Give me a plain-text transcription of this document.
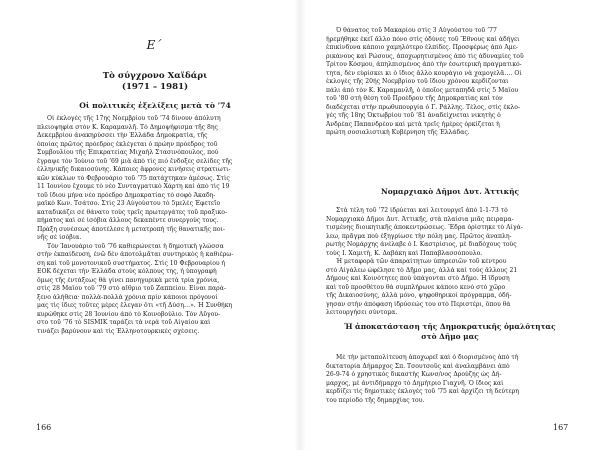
Ε΄
Τὸ σύγχρονο Χαϊδάρι
(1971 – 1981)
Οἱ πολιτικὲς ἐξελίξεις μετὰ τὸ ’74
Οἱ ἐκλογὲς τῆς 17ης Νοεμβρίου τοῦ ’74 δίνουν ἀπόλυτη
πλειοψηφία στὸν Κ. Καραμανλῆ. Τὸ Δημοψήφισμα τῆς 8ης
Δεκεμβρίου ἀνακηρύσσει τὴν Ἑλλάδα Δημοκρατία, τῆς
ὁποίας πρῶτος πρόεδρος ἐκλέγεται ὁ πρώην πρόεδρος τοῦ
Συμβουλίου τῆς Ἐπικρατείας Μιχαὴλ Στασινόπουλος, ποὺ
ἔγραψε τὸν Ἰούνιο τοῦ ’69 μιὰ ἀπὸ τὶς πιὸ ἔνδοξες σελίδες τῆς
ἑλληνικῆς δικαιοσύνης. Κάποιες ἄφρονες κινήσεις στρατιωτι-
κῶν κύκλων τὸ Φεβρουάριο τοῦ ’75 πατάχτηκαν ἀμέσως. Στὶς
11 Ἰουνίου ἔχουμε τὸ νέο Συνταγματικὸ Χάρτη καὶ ἀπὸ τὶς 19
τοῦ ἴδιου μήνα νέο πρόεδρο Δημοκρατίας τὸ σοφὸ Ἀκαδη-
μαϊκὸ Κων. Τσάτσο. Στὶς 23 Αὐγούστου τὸ 5μελὲς Ἐφετεῖο
καταδικάζει σὲ θάνατο τοὺς τρεῖς πρωτεργάτες τοῦ πραξικο-
πήματος καὶ σὲ ἰσόβια ἄλλους δεκαπέντε συνεργοὺς τους.
Πράξη συνέσεως ἀποτέλεσε ἡ μετατροπὴ τῆς θανατικῆς ποι-
νῆς σὲ ἰσόβια.
Τὸν Ἰανουάριο τοῦ ’76 καθιερώνεται ἡ δημοτικὴ γλώσσα
στὴν ἐκπαίδευση, ἐνῶ δὲν ἀποτολμᾶται συντηρικὸς ἡ καθιέρω-
ση καὶ τοῦ μονοτονικοῦ συστήματος. Στὶς 10 Φεβρουαρίου ἡ
ΕΟΚ δέχεται τὴν Ἑλλάδα στοὺς κόλπους της, ἡ ὑπογραφὴ
ὅμως τῆς ἐντάξεως θὰ γίνει πανηγυρικὰ μετὰ τρία χρόνια,
στὶς 28 Μαΐου τοῦ ’79 στὸ αἴθριο τοῦ Ζαππείου. Εἶναι παρά-
ξενο ἀλήθεια· πολλὰ-πολλὰ χρόνια πρὶν κάποιοι πρόγονοί
μας τὶς ἴδιες τοῦτες μέρες ἔλεγαν ὅτι «τῆ Δύση…». Ἡ Συνθήκη
κυρώθηκε στὶς 28 Ἰουνίου ἀπὸ τὸ Κοινοβούλιο. Τὸν Αὔγου-
στο τοῦ ’76 τὸ SISMIK ταράζει τὰ νερὰ τοῦ Αἰγαίου καὶ
τινάζει βαρύνουν καὶ τὶς Ἑλληνοτουρκικὲς σχέσεις.
166
Ὁ θάνατος τοῦ Μακαρίου στὶς 3 Αὐγούστου τοῦ ’77
ἠρεμήθηκε ἐκεῖ ἄλλο πόνο στὶς ὀδύνες τοῦ Ἔθνους καὶ ἀδήγει
ἐπικίνδυνα κάποιο χαμηλότερο ἐλπίδες. Προσφέρως ἀπὸ Ἀμε-
ρικάνους καὶ Ρώσους, ἀποχωρητισμένος ἀπὸ τὶς ἀδυναμίες τοῦ
Τρίτου Κόσμου, ἀπηλπισμένος ἀπὸ τὴν ἐσωτερικὴ πραγματικό-
τητα, δὲν εὑρίσκει κι ὁ ἴδιος ἄλλο κουράγιο νὰ χαμογελᾶ…. Οἱ
ἐκλογὲς τῆς 20ής Νοεμβρίου τοῦ ἴδιου χρόνου κερδίζονται
πάλι ἀπὸ τὸν Κ. Καραμανλῆ, ὁ ὁποῖος μεταπηδᾶ στὶς 5 Μαΐου
τοῦ ’80 στὴ θέση τοῦ Προέδρου τῆς Δημοκρατίας καὶ τὸν
διαδέχεται στὴν πρωθυπουργία ὁ Γ. Ράλλης. Τέλος, στὶς ἐκλο-
γὲς τῆς 18ης Ὀκτωβρίου τοῦ ’81 ἀναδείχνεται νικητὴς ὁ
Ἀνδρέας Παπανδρέου καὶ μετὰ τρεῖς ἡμέρες ὁρκίζεται ἡ
πρώτη σοσιαλιστικὴ Κυβέρνηση τῆς Ἑλλάδας.
Νομαρχιακὸ Δῆμοι Δυτ. Ἀττικῆς
Στὰ τέλη τοῦ ’72 ἱδρύεται καὶ λειτουργεῖ ἀπὸ 1-1-73 τὸ
Νομαρχιακὸ Δῆμοι Δυτ. Ἀττικῆς, στὰ πλαίσια μιᾶς πειραμα-
τισμένης διοικητικῆς ἀποκεντρώσεως. Ἕδρα ὁρίστηκε τὸ Αἰγά-
λεω, πρᾶγμα ποὺ ἐξηγρίωσε τὴν πόλη μας. Πρῶτος ἀναπλη-
ρωτὴς Νομάρχης ἀνέλαβε ὁ Ι. Καστρίσιος, μὲ διαδόχους τοὺς
τοὺς Ι. Χαμιτὴ, Κ. Δαβάκη καὶ Παπαβλασσόπουλο.
Ἡ μεταφορὰ τῶν ἁπαραίτητων ὑπηρεσιῶν τοῦ κέντρου
στὸ Αἰγάλεω ὠφέλησε τὸ Δῆμο μας, ἀλλὰ καὶ τοὺς ἄλλους 21
Δήμους καὶ Κοινότητες ποὺ ὑπάγονται στὸ Δῆμο. Ἡ ἵδρυση
καὶ τοῦ προσθέτου θὰ συμπλήρωνε κάποιο κενὸ στὸ χῶρο
τῆς Δικαιοσύνης, ἀλλὰ μόνο, ψηφοθηρικοὶ πρόγραμμα, ὁδή-
γησαν στὴν ἀπόφαση ἱδρύσεώς του στὸ Περιστέρι, ὅπου θὰ
λειτουργήσει σύντομα.
Ἡ ἀποκατάσταση τῆς Δημοκρατικῆς ὁμαλότητας στὸ Δῆμο μας
Μὲ τὴν μεταπολίτευση ἀποχωρεῖ καὶ ὁ διορισμένος ἀπὸ τὴ
δικτατορία Δήμαρχος Σπ. Τσουτσοῦς καὶ ἀναλαμβάνει ἀπὸ
26-9-74 ὁ χρηστικὸς δικαστὴς Κωνσ/νος Δρούζης ὡς Δή-
μαρχος, μὲ ἀντιδήμαρχο τὸ Δημήτριο Γιαχνῆ. Ὁ ἴδιος καὶ
κερδίζει τὶς δημοτικὲς ἐκλογὲς τοῦ ’75 καὶ ἄρχίζει τὴ δεύτερη
του περίοδο τῆς δημαρχίας του.
167
